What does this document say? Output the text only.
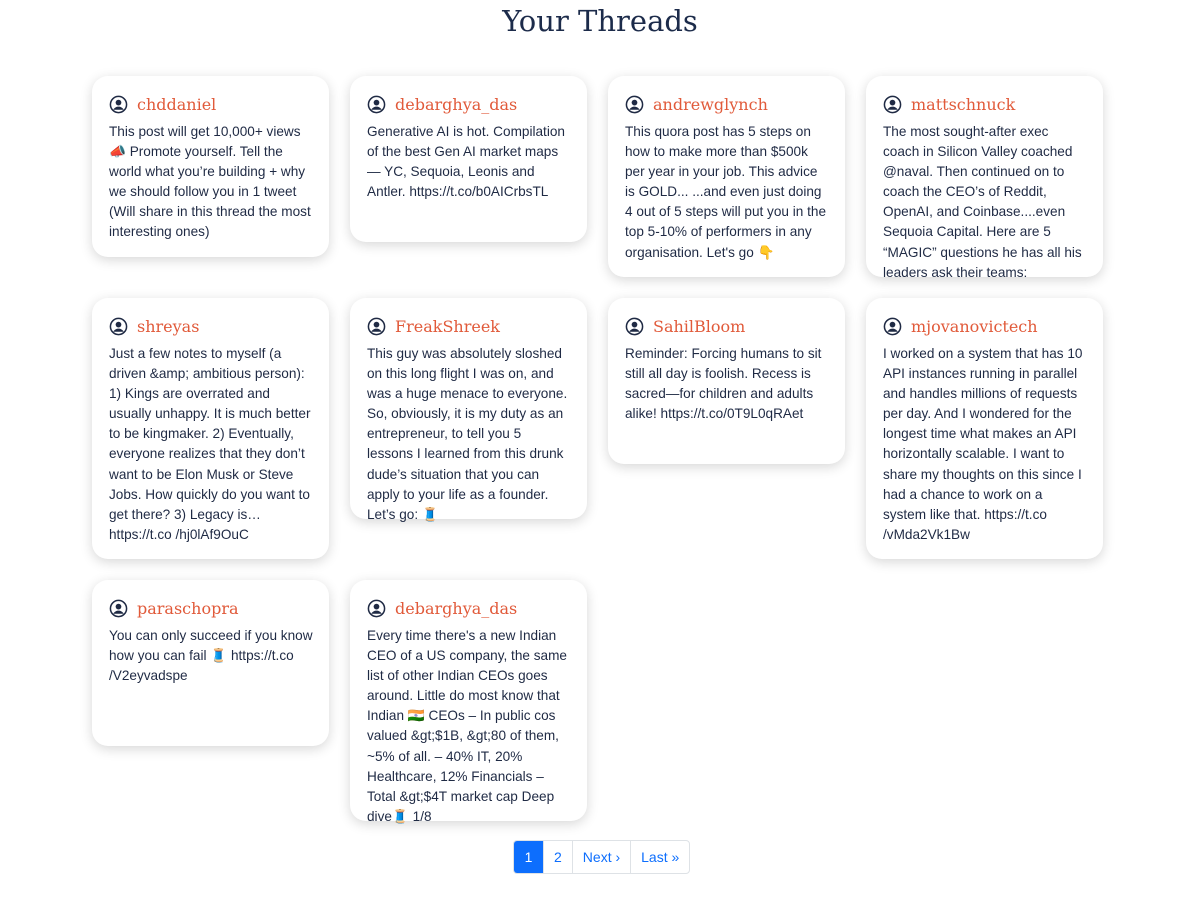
Your Threads
chddaniel
This post will get 10,000+ views 📣 Promote yourself. Tell the world what you’re building + why we should follow you in 1 tweet (Will share in this thread the most interesting ones)
debarghya_das
Generative AI is hot. Compilation of the best Gen AI market maps — YC, Sequoia, Leonis and Antler. https://t.co/b0AICrbsTL
andrewglynch
This quora post has 5 steps on how to make more than $500k per year in your job. This advice is GOLD... ...and even just doing 4 out of 5 steps will put you in the top 5-10% of performers in any organisation. Let's go 👇
mattschnuck
The most sought-after exec coach in Silicon Valley coached @naval. Then continued on to coach the CEO’s of Reddit, OpenAI, and Coinbase....even Sequoia Capital. Here are 5 “MAGIC” questions he has all his leaders ask their teams:
shreyas
Just a few notes to myself (a driven &amp; ambitious person): 1) Kings are overrated and usually unhappy. It is much better to be kingmaker. 2) Eventually, everyone realizes that they don’t want to be Elon Musk or Steve Jobs. How quickly do you want to get there? 3) Legacy is… https://t.co /hj0lAf9OuC
FreakShreek
This guy was absolutely sloshed on this long flight I was on, and was a huge menace to everyone. So, obviously, it is my duty as an entrepreneur, to tell you 5 lessons I learned from this drunk dude’s situation that you can apply to your life as a founder. Let’s go: 🧵
SahilBloom
Reminder: Forcing humans to sit still all day is foolish. Recess is sacred—for children and adults alike! https://t.co/0T9L0qRAet
mjovanovictech
I worked on a system that has 10 API instances running in parallel and handles millions of requests per day. And I wondered for the longest time what makes an API horizontally scalable. I want to share my thoughts on this since I had a chance to work on a system like that. https://t.co /vMda2Vk1Bw
paraschopra
You can only succeed if you know how you can fail 🧵 https://t.co /V2eyvadspe
debarghya_das
Every time there's a new Indian CEO of a US company, the same list of other Indian CEOs goes around. Little do most know that Indian 🇮🇳 CEOs – In public cos valued &gt;$1B, &gt;80 of them, ~5% of all. – 40% IT, 20% Healthcare, 12% Financials – Total &gt;$4T market cap Deep dive🧵 1/8
1	2	Next ›	Last »
